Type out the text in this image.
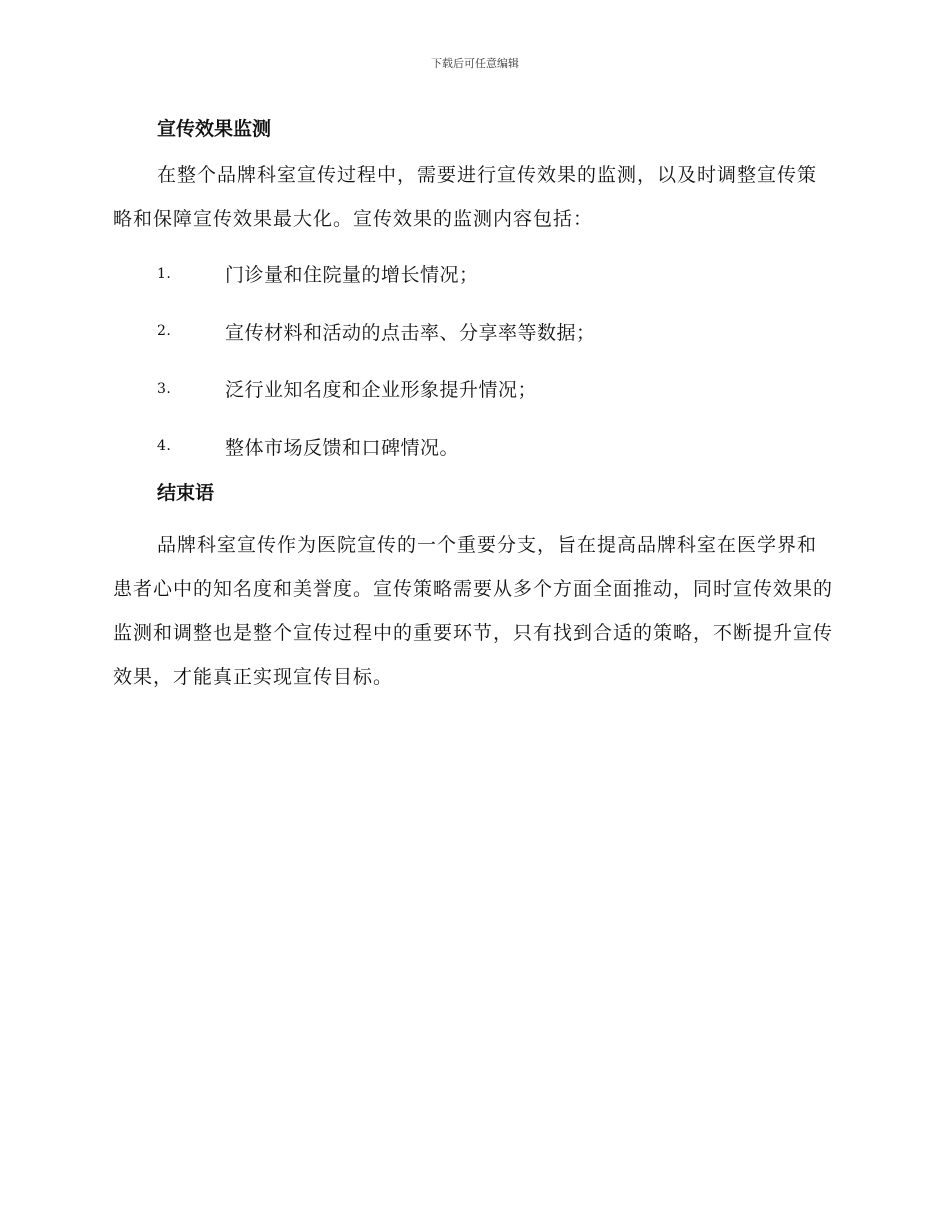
下载后可任意编辑
宣传效果监测

在整个品牌科室宣传过程中，需要进行宣传效果的监测，以及时调整宣传策略和保障宣传效果最大化。宣传效果的监测内容包括：

1.	门诊量和住院量的增长情况；
2.	宣传材料和活动的点击率、分享率等数据；
3.	泛行业知名度和企业形象提升情况；
4.	整体市场反馈和口碑情况。
结束语

品牌科室宣传作为医院宣传的一个重要分支，旨在提高品牌科室在医学界和患者心中的知名度和美誉度。宣传策略需要从多个方面全面推动，同时宣传效果的监测和调整也是整个宣传过程中的重要环节，只有找到合适的策略，不断提升宣传效果，才能真正实现宣传目标。
